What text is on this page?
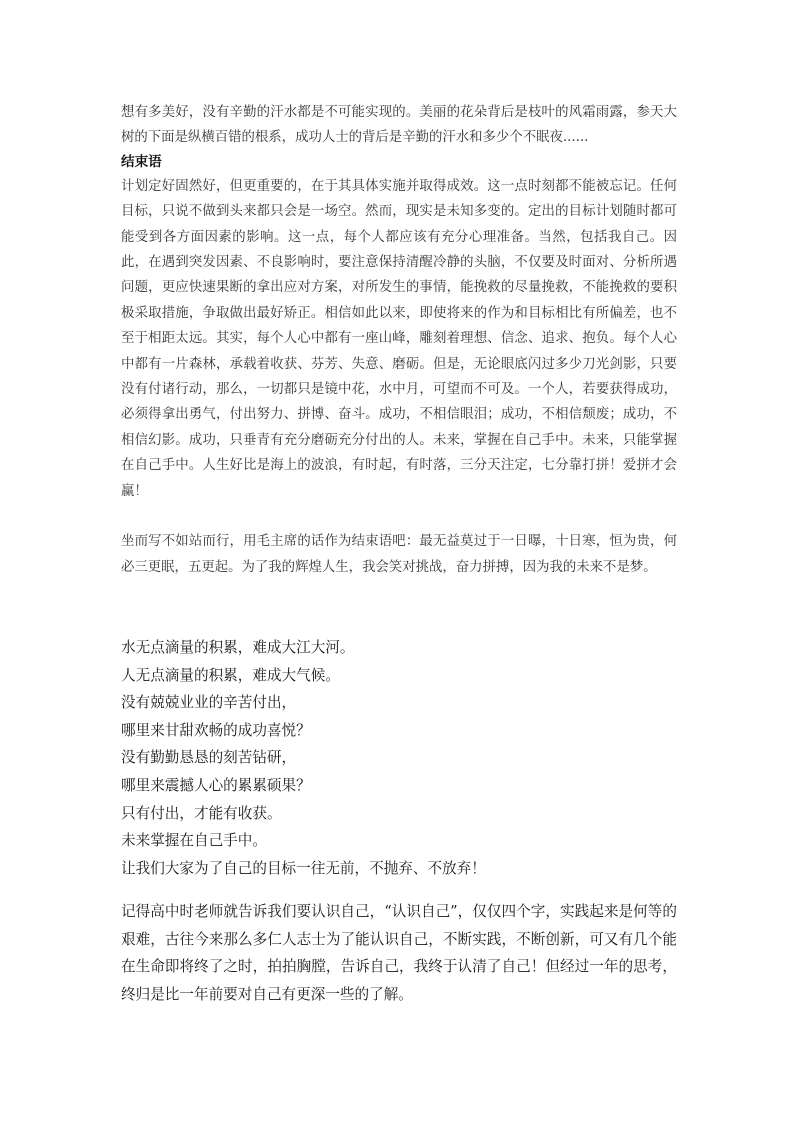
想有多美好，没有辛勤的汗水都是不可能实现的。美丽的花朵背后是枝叶的风霜雨露，参天大树的下面是纵横百错的根系，成功人士的背后是辛勤的汗水和多少个不眠夜......

结束语

计划定好固然好，但更重要的，在于其具体实施并取得成效。这一点时刻都不能被忘记。任何目标，只说不做到头来都只会是一场空。然而，现实是未知多变的。定出的目标计划随时都可能受到各方面因素的影响。这一点，每个人都应该有充分心理准备。当然，包括我自己。因此，在遇到突发因素、不良影响时，要注意保持清醒冷静的头脑，不仅要及时面对、分析所遇问题，更应快速果断的拿出应对方案，对所发生的事情，能挽救的尽量挽救，不能挽救的要积极采取措施，争取做出最好矫正。相信如此以来，即使将来的作为和目标相比有所偏差，也不至于相距太远。其实，每个人心中都有一座山峰，雕刻着理想、信念、追求、抱负。每个人心中都有一片森林，承载着收获、芬芳、失意、磨砺。但是，无论眼底闪过多少刀光剑影，只要没有付诸行动，那么，一切都只是镜中花，水中月，可望而不可及。一个人，若要获得成功，必须得拿出勇气，付出努力、拼博、奋斗。成功，不相信眼泪；成功，不相信颓废；成功，不相信幻影。成功，只垂青有充分磨砺充分付出的人。未来，掌握在自己手中。未来，只能掌握在自己手中。人生好比是海上的波浪，有时起，有时落，三分天注定，七分靠打拼！爱拼才会赢！

坐而写不如站而行，用毛主席的话作为结束语吧：最无益莫过于一日曝，十日寒，恒为贵，何必三更眠，五更起。为了我的辉煌人生，我会笑对挑战，奋力拼搏，因为我的未来不是梦。

水无点滴量的积累，难成大江大河。
人无点滴量的积累，难成大气候。
没有兢兢业业的辛苦付出，
哪里来甘甜欢畅的成功喜悦？
没有勤勤恳恳的刻苦钻研，
哪里来震撼人心的累累硕果？
只有付出，才能有收获。
未来掌握在自己手中。
让我们大家为了自己的目标一往无前，不抛弃、不放弃！

记得高中时老师就告诉我们要认识自己，“认识自己”，仅仅四个字，实践起来是何等的艰难，古往今来那么多仁人志士为了能认识自己，不断实践，不断创新，可又有几个能在生命即将终了之时，拍拍胸膛，告诉自己，我终于认清了自己！但经过一年的思考，终归是比一年前要对自己有更深一些的了解。
